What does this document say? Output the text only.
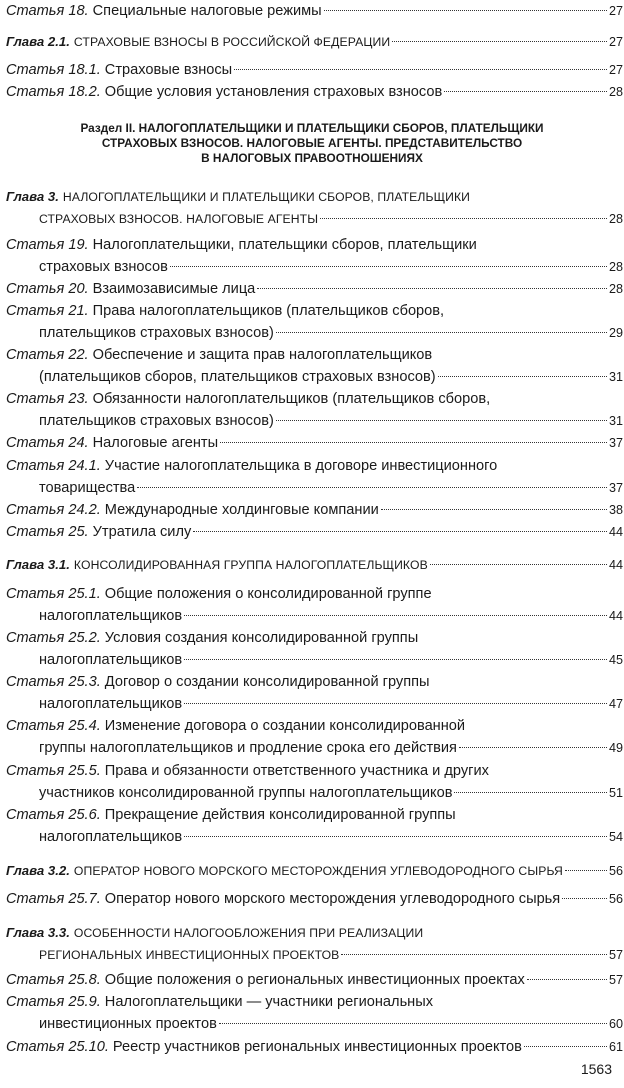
Статья 18. Специальные налоговые режимы	27
Глава 2.1. СТРАХОВЫЕ ВЗНОСЫ В РОССИЙСКОЙ ФЕДЕРАЦИИ	27
Статья 18.1. Страховые взносы	27
Статья 18.2. Общие условия установления страховых взносов	28
Раздел II. НАЛОГОПЛАТЕЛЬЩИКИ И ПЛАТЕЛЬЩИКИ СБОРОВ, ПЛАТЕЛЬЩИКИ
СТРАХОВЫХ ВЗНОСОВ. НАЛОГОВЫЕ АГЕНТЫ. ПРЕДСТАВИТЕЛЬСТВО
В НАЛОГОВЫХ ПРАВООТНОШЕНИЯХ
Глава 3. НАЛОГОПЛАТЕЛЬЩИКИ И ПЛАТЕЛЬЩИКИ СБОРОВ, ПЛАТЕЛЬЩИКИ
СТРАХОВЫХ ВЗНОСОВ. НАЛОГОВЫЕ АГЕНТЫ	28
Статья 19. Налогоплательщики, плательщики сборов, плательщики
страховых взносов	28
Статья 20. Взаимозависимые лица	28
Статья 21. Права налогоплательщиков (плательщиков сборов,
плательщиков страховых взносов)	29
Статья 22. Обеспечение и защита прав налогоплательщиков
(плательщиков сборов, плательщиков страховых взносов)	31
Статья 23. Обязанности налогоплательщиков (плательщиков сборов,
плательщиков страховых взносов)	31
Статья 24. Налоговые агенты	37
Статья 24.1. Участие налогоплательщика в договоре инвестиционного
товарищества	37
Статья 24.2. Международные холдинговые компании	38
Статья 25. Утратила силу	44
Глава 3.1. КОНСОЛИДИРОВАННАЯ ГРУППА НАЛОГОПЛАТЕЛЬЩИКОВ	44
Статья 25.1. Общие положения о консолидированной группе
налогоплательщиков	44
Статья 25.2. Условия создания консолидированной группы
налогоплательщиков	45
Статья 25.3. Договор о создании консолидированной группы
налогоплательщиков	47
Статья 25.4. Изменение договора о создании консолидированной
группы налогоплательщиков и продление срока его действия	49
Статья 25.5. Права и обязанности ответственного участника и других
участников консолидированной группы налогоплательщиков	51
Статья 25.6. Прекращение действия консолидированной группы
налогоплательщиков	54
Глава 3.2. ОПЕРАТОР НОВОГО МОРСКОГО МЕСТОРОЖДЕНИЯ УГЛЕВОДОРОДНОГО СЫРЬЯ	56
Статья 25.7. Оператор нового морского месторождения углеводородного сырья	56
Глава 3.3. ОСОБЕННОСТИ НАЛОГООБЛОЖЕНИЯ ПРИ РЕАЛИЗАЦИИ
РЕГИОНАЛЬНЫХ ИНВЕСТИЦИОННЫХ ПРОЕКТОВ	57
Статья 25.8. Общие положения о региональных инвестиционных проектах	57
Статья 25.9. Налогоплательщики — участники региональных
инвестиционных проектов	60
Статья 25.10. Реестр участников региональных инвестиционных проектов	61
1563
